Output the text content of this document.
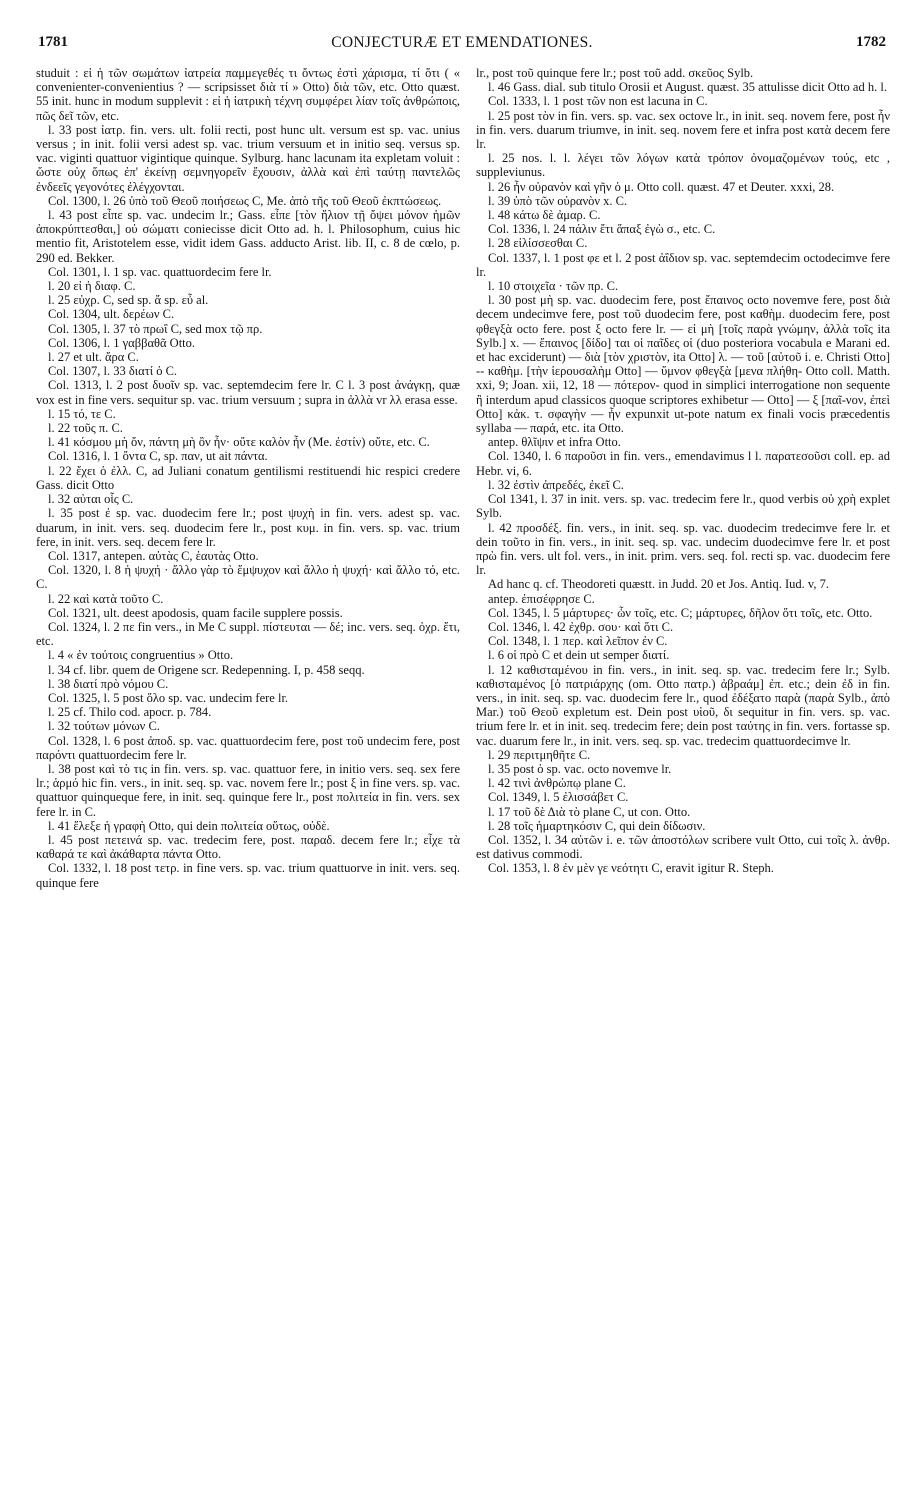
1781	CONJECTURÆ ET EMENDATIONES.	1782

studuit : εἰ ἡ τῶν σωμάτων ἰατρεία παμμεγεθές τι ὄντως ἐστὶ χάρισμα, τί ὅτι ( « convenienter-convenientius ? — scripsisset διὰ τί » Otto) διὰ τῶν, etc. Otto quæst. 55 init. hunc in modum supplevit : εἰ ἡ ἰατρικὴ τέχνη συμφέρει λίαν τοῖς ἀνθρώποις, πῶς δεῖ τῶν, etc.

l. 33 post ἰατρ. fin. vers. ult. folii recti, post hunc ult. versum est sp. vac. unius versus ; in init. folii versi adest sp. vac. trium versuum et in initio seq. versus sp. vac. viginti quattuor vigintique quinque. Sylburg. hanc lacunam ita expletam voluit : ὥστε οὐχ ὅπως ἐπ' ἐκείνῃ σεμνηγορεῖν ἔχουσιν, ἀλλὰ καὶ ἐπὶ ταύτῃ παντελῶς ἐνδεεῖς γεγονότες ἐλέγχονται.

Col. 1300, l. 26 ὑπὸ τοῦ Θεοῦ ποιήσεως C, Me. ἀπὸ τῆς τοῦ Θεοῦ ἐκπτώσεως.

l. 43 post εἶπε sp. vac. undecim lr.; Gass. εἶπε [τὸν ἥλιον τῇ ὄψει μόνον ἡμῶν ἀποκρύπτεσθαι,] οὐ σώματι coniecisse dicit Otto ad. h. l. Philosophum, cuius hic mentio fit, Aristotelem esse, vidit idem Gass. adducto Arist. lib. II, c. 8 de cœlo, p. 290 ed. Bekker.

Col. 1301, l. 1 sp. vac. quattuordecim fere lr.

l. 20 εἰ ἡ διαφ. C.

l. 25 εὐχρ. C, sed sp. ἄ sp. εὖ al.

Col. 1304, ult. δερέων C.

Col. 1305, l. 37 τὸ πρωΐ C, sed mox τῷ πρ.

Col. 1306, l. 1 γαββαθᾶ Otto.

l. 27 et ult. ἄρα C.

Col. 1307, l. 33 διατί ὁ C.

Col. 1313, l. 2 post δυοῖν sp. vac. septemdecim fere lr. C l. 3 post ἀνάγκῃ, quæ vox est in fine vers. sequitur sp. vac. trium versuum ; supra in ἀλλὰ vr λλ erasa esse.

l. 15 τό, τε C.

l. 22 τοῦς π. C.

l. 41 κόσμου μὴ ὄν, πάντη μὴ ὂν ἦν· οὔτε καλὸν ἦν (Me. ἐστίν) οὔτε, etc. C.

Col. 1316, l. 1 ὄντα C, sp. παν, ut ait πάντα.

l. 22 ἔχει ὁ ἐλλ. C, ad Juliani conatum gentilismi restituendi hic respici credere Gass. dicit Otto

l. 32 αὐται οἷς C.

l. 35 post ἐ sp. vac. duodecim fere lr.; post ψυχὴ in fin. vers. adest sp. vac. duarum, in init. vers. seq. duodecim fere lr., post κυμ. in fin. vers. sp. vac. trium fere, in init. vers. seq. decem fere lr.

Col. 1317, antepen. αὐτὰς C, ἑαυτὰς Otto.

Col. 1320, l. 8 ἡ ψυχή · ἄλλο γὰρ τὸ ἔμψυχον καὶ ἄλλο ἡ ψυχή· καὶ ἄλλο τό, etc. C.

l. 22 καὶ κατὰ τοῦτο C.

Col. 1321, ult. deest apodosis, quam facile supplere possis.

Col. 1324, l. 2 πε fin vers., in Me C suppl. πίστευται — δέ; inc. vers. seq. ὀχρ. ἔτι, etc.

l. 4 « ἐν τούτοις congruentius » Otto.

l. 34 cf. libr. quem de Origene scr. Redepenning. I, p. 458 seqq.

l. 38 διατί πρὸ νόμου C.

Col. 1325, l. 5 post ὅλο sp. vac. undecim fere lr.

l. 25 cf. Thilo cod. apocr. p. 784.

l. 32 τούτων μόνων C.

Col. 1328, l. 6 post ἀποδ. sp. vac. quattuordecim fere, post τοῦ undecim fere, post παρόντι quattuordecim fere lr.

l. 38 post καὶ τὸ τις in fin. vers. sp. vac. quattuor fere, in initio vers. seq. sex fere lr.; ἁρμό hic fin. vers., in init. seq. sp. vac. novem fere lr.; post ξ in fine vers. sp. vac. quattuor quinqueque fere, in init. seq. quinque fere lr., post πολιτεία in fin. vers. sex fere lr. in C.

l. 41 ἔλεξε ἡ γραφὴ Otto, qui dein πολιτεία οὕτως, οὐδὲ.

l. 45 post πετεινά sp. vac. tredecim fere, post. παραδ. decem fere lr.; εἶχε τὰ καθαρά τε καὶ ἀκάθαρτα πάντα Otto.

Col. 1332, l. 18 post τετρ. in fine vers. sp. vac. trium quattuorve in init. vers. seq. quinque fere

lr., post τοῦ quinque fere lr.; post τοῦ add. σκεῦος Sylb.

l. 46 Gass. dial. sub titulo Orosii et August. quæst. 35 attulisse dicit Otto ad h. l.

Col. 1333, l. 1 post τῶν non est lacuna in C.

l. 25 post τὸν in fin. vers. sp. vac. sex octove lr., in init. seq. novem fere, post ἦν in fin. vers. duarum triumve, in init. seq. novem fere et infra post κατὰ decem fere lr.

l. 25 nos. l. l. λέγει τῶν λόγων κατὰ τρόπον ὀνομαζομένων τούς, etc , suppleviunus.

l. 26 ἦν οὐρανὸν καὶ γῆν ὁ μ. Otto coll. quæst. 47 et Deuter. xxxi, 28.

l. 39 ὑπὸ τῶν οὐρανὸν x. C.

l. 48 κάτω δὲ ἀμαρ. C.

Col. 1336, l. 24 πάλιν ἔτι ἅπαξ ἐγὼ σ., etc. C.

l. 28 εἰλίσσεσθαι C.

Col. 1337, l. 1 post φε et l. 2 post ἀΐδιον sp. vac. septemdecim octodecimve fere lr.

l. 10 στοιχεῖα · τῶν πρ. C.

l. 30 post μὴ sp. vac. duodecim fere, post ἔπαινος octo novemve fere, post διὰ decem undecimve fere, post τοῦ duodecim fere, post καθὴμ. duodecim fere, post φθεγξὰ octo fere. post ξ octo fere lr. — εἰ μὴ [τοῖς παρὰ γνώμην, ἀλλὰ τοῖς ita Sylb.] x. — ἔπαινος [δίδο] ται οἱ παῖδες οἱ (duo posteriora vocabula e Marani ed. et hac exciderunt) — διὰ [τὸν χριστὸν, ita Otto] λ. — τοῦ [αὐτοῦ i. e. Christi Otto] -- καθὴμ. [τὴν ἱερουσαλὴμ Otto] — ὕμνον φθεγξὰ [μενα πλήθη- Otto coll. Matth. xxi, 9; Joan. xii, 12, 18 — πότερον- quod in simplici interrogatione non sequente ἢ interdum apud classicos quoque scriptores exhibetur — Otto] — ξ [παῖ-νον, ἐπεὶ Otto] κἀκ. τ. σφαγὴν — ἦν expunxit ut-pote natum ex finali vocis præcedentis syllaba — παρά, etc. ita Otto.

antep. θλῖψιν et infra Otto.

Col. 1340, l. 6 παροῦσι in fin. vers., emendavimus l l. παρατεσοῦσι coll. ep. ad Hebr. vi, 6.

l. 32 ἐστὶν ἀπρεδές, ἐκεῖ C.

Col 1341, l. 37 in init. vers. sp. vac. tredecim fere lr., quod verbis οὐ χρὴ explet Sylb.

l. 42 προσδέξ. fin. vers., in init. seq. sp. vac. duodecim tredecimve fere lr. et dein τοῦτο in fin. vers., in init. seq. sp. vac. undecim duodecimve fere lr. et post πρὼ fin. vers. ult fol. vers., in init. prim. vers. seq. fol. recti sp. vac. duodecim fere lr.

Ad hanc q. cf. Theodoreti quæstt. in Judd. 20 et Jos. Antiq. Iud. v, 7.

antep. ἐπισέφρησε C.

Col. 1345, l. 5 μάρτυρες· ὧν τοῖς, etc. C; μάρτυρες, δῆλον ὅτι τοῖς, etc. Otto.

Col. 1346, l. 42 ἐχθρ. σου· καὶ ὅτι C.

Col. 1348, l. 1 περ. καὶ λεῖπον ἐν C.

l. 6 οἱ πρὸ C et dein ut semper διατί.

l. 12 καθισταμένου in fin. vers., in init. seq. sp. vac. tredecim fere lr.; Sylb. καθισταμένος [ὁ πατριάρχης (om. Otto πατρ.) ἀβραάμ] ἐπ. etc.; dein ἐδ in fin. vers., in init. seq. sp. vac. duodecim fere lr., quod ἐδέξατο παρὰ (παρὰ Sylb., ἀπὸ Mar.) τοῦ Θεοῦ expletum est. Dein post υἱοῦ, δι sequitur in fin. vers. sp. vac. trium fere lr. et in init. seq. tredecim fere; dein post ταύτης in fin. vers. fortasse sp. vac. duarum fere lr., in init. vers. seq. sp. vac. tredecim quattuordecimve lr.

l. 29 περιτμηθῆτε C.

l. 35 post ὁ sp. vac. octo novemve lr.

l. 42 τινὶ ἀνθρώπῳ plane C.

Col. 1349, l. 5 ἐλισσάβετ C.

l. 17 τοῦ δὲ Διὰ τὸ plane C, ut con. Otto.

l. 28 τοῖς ἡμαρτηκόσιν C, qui dein δίδωσιν.

Col. 1352, l. 34 αὐτῶν i. e. τῶν ἀποστόλων scribere vult Otto, cui τοῖς λ. ἀνθρ. est dativus commodi.

Col. 1353, l. 8 ἐν μὲν γε νεότητι C, eravit igitur R. Steph.
